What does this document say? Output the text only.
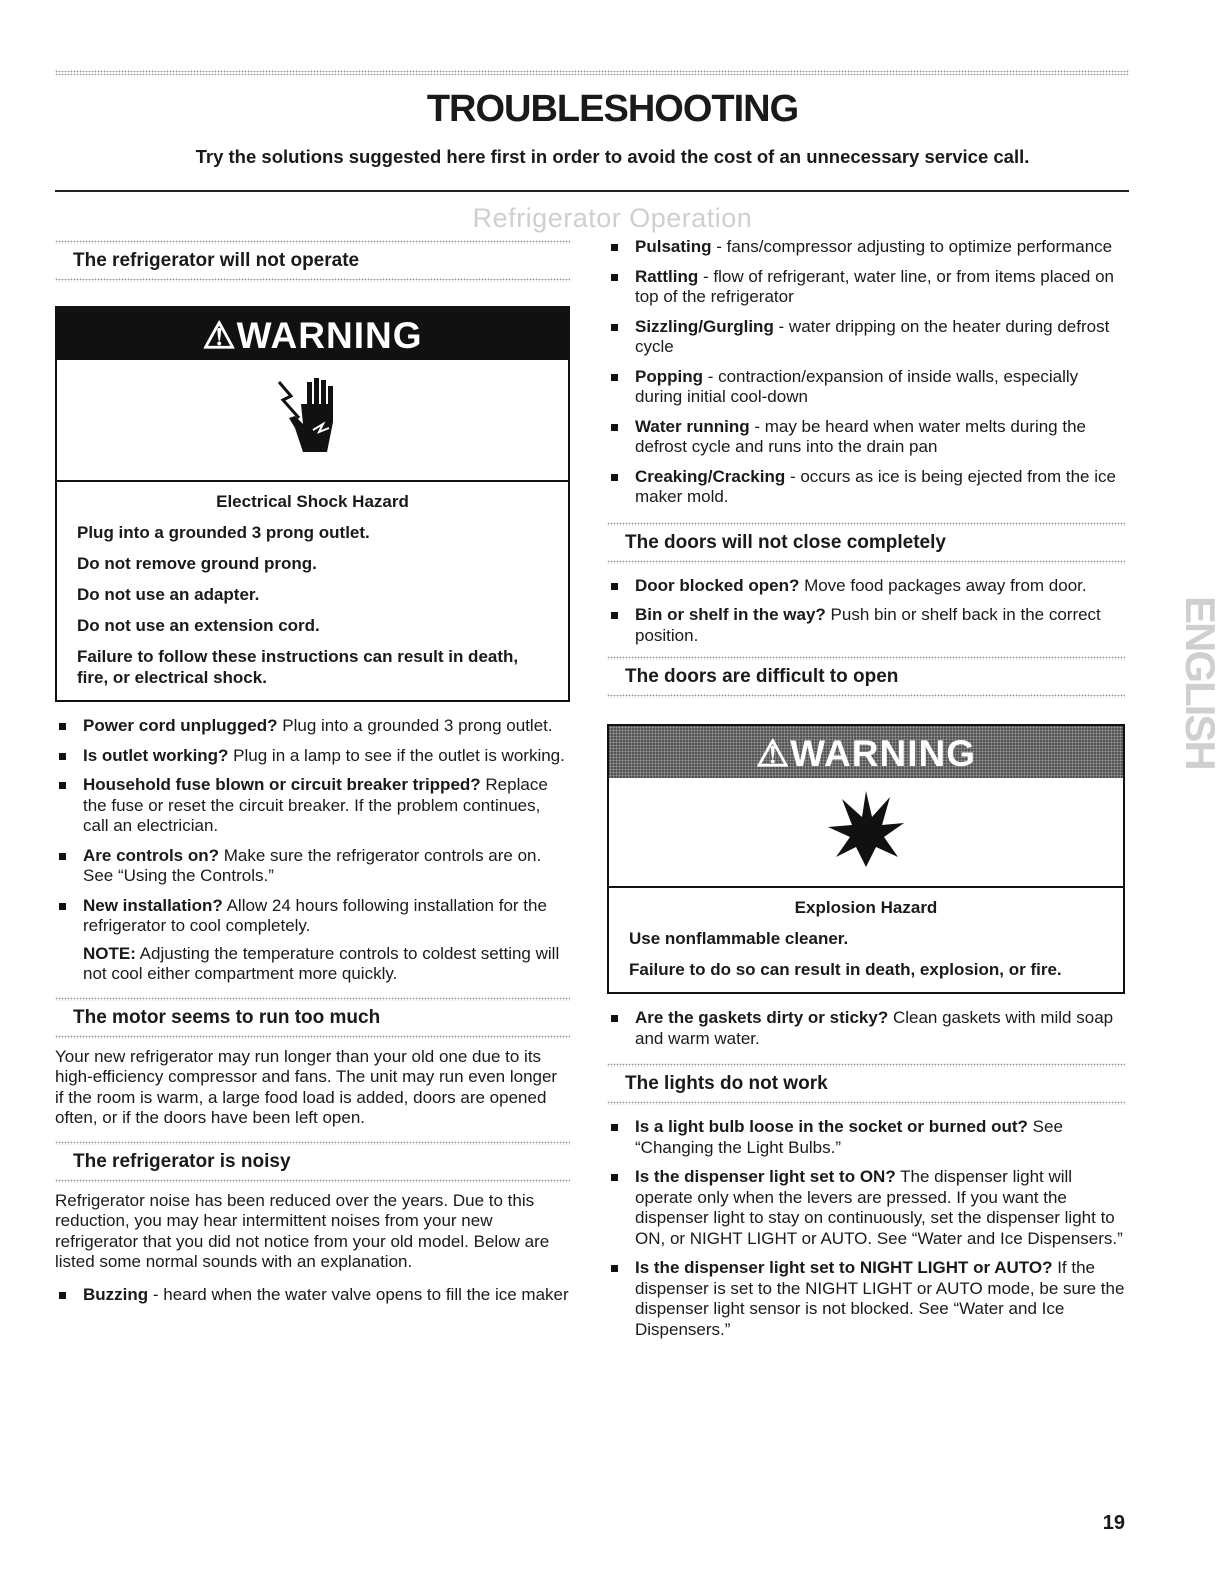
TROUBLESHOOTING
Try the solutions suggested here first in order to avoid the cost of an unnecessary service call.
Refrigerator Operation
The refrigerator will not operate
⚠WARNING
Electrical Shock Hazard
Plug into a grounded 3 prong outlet.
Do not remove ground prong.
Do not use an adapter.
Do not use an extension cord.
Failure to follow these instructions can result in death, fire, or electrical shock.
Power cord unplugged? Plug into a grounded 3 prong outlet.
Is outlet working? Plug in a lamp to see if the outlet is working.
Household fuse blown or circuit breaker tripped? Replace the fuse or reset the circuit breaker. If the problem continues, call an electrician.
Are controls on? Make sure the refrigerator controls are on. See “Using the Controls.”
New installation? Allow 24 hours following installation for the refrigerator to cool completely.
NOTE: Adjusting the temperature controls to coldest setting will not cool either compartment more quickly.
The motor seems to run too much

Your new refrigerator may run longer than your old one due to its high-efficiency compressor and fans. The unit may run even longer if the room is warm, a large food load is added, doors are opened often, or if the doors have been left open.

The refrigerator is noisy

Refrigerator noise has been reduced over the years. Due to this reduction, you may hear intermittent noises from your new refrigerator that you did not notice from your old model. Below are listed some normal sounds with an explanation.

Buzzing - heard when the water valve opens to fill the ice maker
Pulsating - fans/compressor adjusting to optimize performance
Rattling - flow of refrigerant, water line, or from items placed on top of the refrigerator
Sizzling/Gurgling - water dripping on the heater during defrost cycle
Popping - contraction/expansion of inside walls, especially during initial cool-down
Water running - may be heard when water melts during the defrost cycle and runs into the drain pan
Creaking/Cracking - occurs as ice is being ejected from the ice maker mold.
The doors will not close completely
Door blocked open? Move food packages away from door.
Bin or shelf in the way? Push bin or shelf back in the correct position.
The doors are difficult to open
⚠WARNING
Explosion Hazard
Use nonflammable cleaner.
Failure to do so can result in death, explosion, or fire.
Are the gaskets dirty or sticky? Clean gaskets with mild soap and warm water.
The lights do not work
Is a light bulb loose in the socket or burned out? See “Changing the Light Bulbs.”
Is the dispenser light set to ON? The dispenser light will operate only when the levers are pressed. If you want the dispenser light to stay on continuously, set the dispenser light to ON, or NIGHT LIGHT or AUTO. See “Water and Ice Dispensers.”
Is the dispenser light set to NIGHT LIGHT or AUTO? If the dispenser is set to the NIGHT LIGHT or AUTO mode, be sure the dispenser light sensor is not blocked. See “Water and Ice Dispensers.”
ENGLISH
19
